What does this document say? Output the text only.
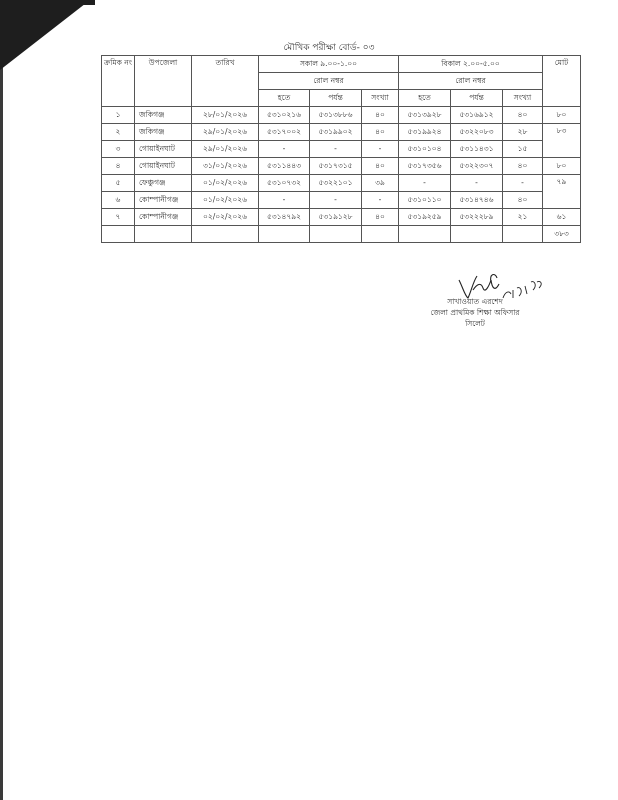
মৌখিক পরীক্ষা বোর্ড- ০৩
ক্রমিক নং	উপজেলা	তারিখ	সকাল ৯.০০-১.০০			বিকাল ২.০০-৫.০০			মোট
			রোল নম্বর			রোল নম্বর			
			হতে	পর্যন্ত	সংখ্যা	হতে	পর্যন্ত	সংখ্যা	
১	জকিগঞ্জ	২৮/০১/২০২৬	৫৩১০২১৬	৫৩১৩৮৮৬	৪০	৫৩১৩৯২৮	৫৩১৬৯১২	৪০	৮০
২	জকিগঞ্জ	২৯/০১/২০২৬	৫৩১৭০০২	৫৩১৯৯০২	৪০	৫৩১৯৯২৪	৫৩২২০৮৩	২৮	৮৩
৩	গোয়াইনঘাট	২৯/০১/২০২৬	-	-	-	৫৩১০১০৪	৫৩১১৪৩১	১৫	
৪	গোয়াইনঘাট	৩১/০১/২০২৬	৫৩১১৪৪৩	৫৩১৭৩১৫	৪০	৫৩১৭৩৫৬	৫৩২২৩০৭	৪০	৮০
৫	ফেঞ্চুগঞ্জ	০১/০২/২০২৬	৫৩১০৭৩২	৫৩২২১০১	৩৯	-	-	-	৭৯
৬	কোম্পানীগঞ্জ	০১/০২/২০২৬	-	-	-	৫৩১০১১০	৫৩১৪৭৪৬	৪০	
৭	কোম্পানীগঞ্জ	০২/০২/২০২৬	৫৩১৪৭৯২	৫৩১৯১২৮	৪০	৫৩১৯২৫৯	৫৩২২২৮৯	২১	৬১
									৩৮৩
সাখাওয়াত এরশেদ
জেলা প্রাথমিক শিক্ষা অফিসার
সিলেট
